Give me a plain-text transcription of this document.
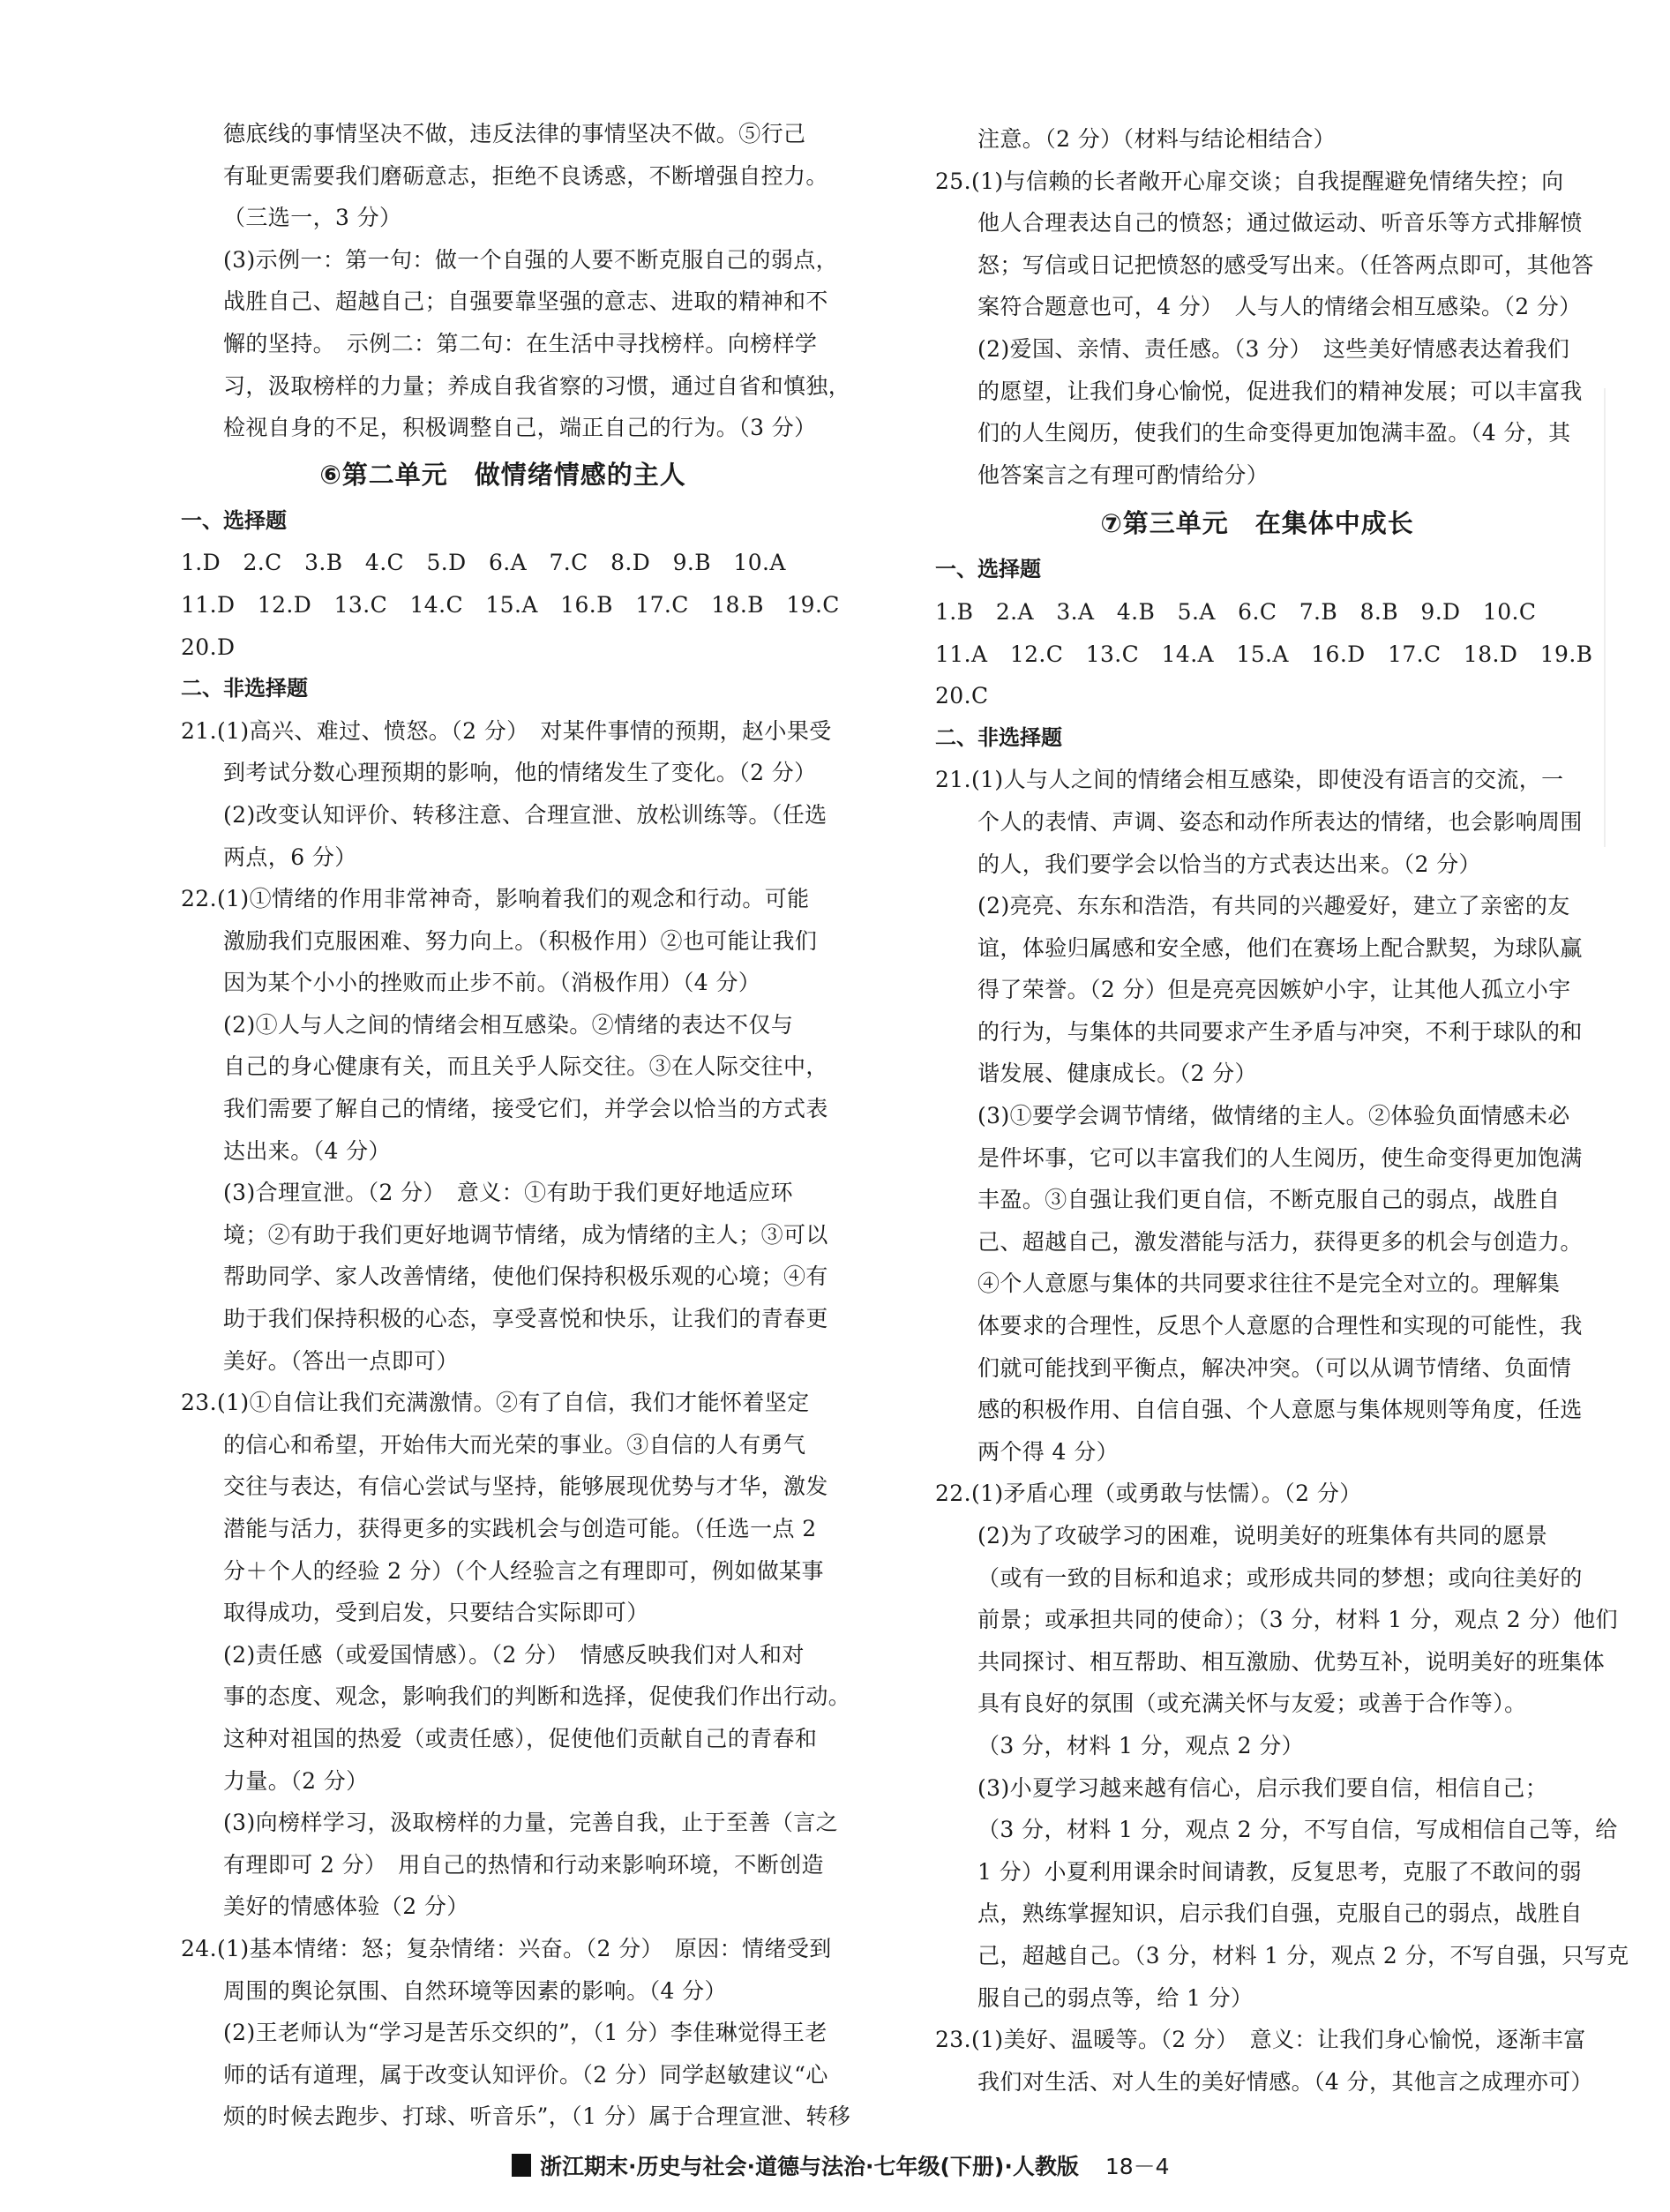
德底线的事情坚决不做，违反法律的事情坚决不做。⑤行己
有耻更需要我们磨砺意志，拒绝不良诱惑，不断增强自控力。
（三选一，3 分）
(3)示例一：第一句：做一个自强的人要不断克服自己的弱点，
战胜自己、超越自己；自强要靠坚强的意志、进取的精神和不
懈的坚持。　示例二：第二句：在生活中寻找榜样。向榜样学
习，汲取榜样的力量；养成自我省察的习惯，通过自省和慎独，
检视自身的不足，积极调整自己，端正自己的行为。（3 分）
⑥第二单元　做情绪情感的主人
一、选择题
1.D　2.C　3.B　4.C　5.D　6.A　7.C　8.D　9.B　10.A
11.D　12.D　13.C　14.C　15.A　16.B　17.C　18.B　19.C
20.D
二、非选择题
21.(1)高兴、难过、愤怒。（2 分）　对某件事情的预期，赵小果受
到考试分数心理预期的影响，他的情绪发生了变化。（2 分）
(2)改变认知评价、转移注意、合理宣泄、放松训练等。（任选
两点，6 分）
22.(1)①情绪的作用非常神奇，影响着我们的观念和行动。可能
激励我们克服困难、努力向上。（积极作用）②也可能让我们
因为某个小小的挫败而止步不前。（消极作用）（4 分）
(2)①人与人之间的情绪会相互感染。②情绪的表达不仅与
自己的身心健康有关，而且关乎人际交往。③在人际交往中，
我们需要了解自己的情绪，接受它们，并学会以恰当的方式表
达出来。（4 分）
(3)合理宣泄。（2 分）　意义：①有助于我们更好地适应环
境；②有助于我们更好地调节情绪，成为情绪的主人；③可以
帮助同学、家人改善情绪，使他们保持积极乐观的心境；④有
助于我们保持积极的心态，享受喜悦和快乐，让我们的青春更
美好。（答出一点即可）
23.(1)①自信让我们充满激情。②有了自信，我们才能怀着坚定
的信心和希望，开始伟大而光荣的事业。③自信的人有勇气
交往与表达，有信心尝试与坚持，能够展现优势与才华，激发
潜能与活力，获得更多的实践机会与创造可能。（任选一点 2
分＋个人的经验 2 分）（个人经验言之有理即可，例如做某事
取得成功，受到启发，只要结合实际即可）
(2)责任感（或爱国情感）。（2 分）　情感反映我们对人和对
事的态度、观念，影响我们的判断和选择，促使我们作出行动。
这种对祖国的热爱（或责任感），促使他们贡献自己的青春和
力量。（2 分）
(3)向榜样学习，汲取榜样的力量，完善自我，止于至善（言之
有理即可 2 分）　用自己的热情和行动来影响环境，不断创造
美好的情感体验（2 分）
24.(1)基本情绪：怒；复杂情绪：兴奋。（2 分）　原因：情绪受到
周围的舆论氛围、自然环境等因素的影响。（4 分）
(2)王老师认为“学习是苦乐交织的”，（1 分）李佳琳觉得王老
师的话有道理，属于改变认知评价。（2 分）同学赵敏建议“心
烦的时候去跑步、打球、听音乐”，（1 分）属于合理宣泄、转移
注意。（2 分）（材料与结论相结合）
25.(1)与信赖的长者敞开心扉交谈；自我提醒避免情绪失控；向
他人合理表达自己的愤怒；通过做运动、听音乐等方式排解愤
怒；写信或日记把愤怒的感受写出来。（任答两点即可，其他答
案符合题意也可，4 分）　人与人的情绪会相互感染。（2 分）
(2)爱国、亲情、责任感。（3 分）　这些美好情感表达着我们
的愿望，让我们身心愉悦，促进我们的精神发展；可以丰富我
们的人生阅历，使我们的生命变得更加饱满丰盈。（4 分，其
他答案言之有理可酌情给分）
⑦第三单元　在集体中成长
一、选择题
1.B　2.A　3.A　4.B　5.A　6.C　7.B　8.B　9.D　10.C
11.A　12.C　13.C　14.A　15.A　16.D　17.C　18.D　19.B
20.C
二、非选择题
21.(1)人与人之间的情绪会相互感染，即使没有语言的交流，一
个人的表情、声调、姿态和动作所表达的情绪，也会影响周围
的人，我们要学会以恰当的方式表达出来。（2 分）
(2)亮亮、东东和浩浩，有共同的兴趣爱好，建立了亲密的友
谊，体验归属感和安全感，他们在赛场上配合默契，为球队赢
得了荣誉。（2 分）但是亮亮因嫉妒小宇，让其他人孤立小宇
的行为，与集体的共同要求产生矛盾与冲突，不利于球队的和
谐发展、健康成长。（2 分）
(3)①要学会调节情绪，做情绪的主人。②体验负面情感未必
是件坏事，它可以丰富我们的人生阅历，使生命变得更加饱满
丰盈。③自强让我们更自信，不断克服自己的弱点，战胜自
己、超越自己，激发潜能与活力，获得更多的机会与创造力。
④个人意愿与集体的共同要求往往不是完全对立的。理解集
体要求的合理性，反思个人意愿的合理性和实现的可能性，我
们就可能找到平衡点，解决冲突。（可以从调节情绪、负面情
感的积极作用、自信自强、个人意愿与集体规则等角度，任选
两个得 4 分）
22.(1)矛盾心理（或勇敢与怯懦）。（2 分）
(2)为了攻破学习的困难，说明美好的班集体有共同的愿景
（或有一致的目标和追求；或形成共同的梦想；或向往美好的
前景；或承担共同的使命）；（3 分，材料 1 分，观点 2 分）他们
共同探讨、相互帮助、相互激励、优势互补，说明美好的班集体
具有良好的氛围（或充满关怀与友爱；或善于合作等）。
（3 分，材料 1 分，观点 2 分）
(3)小夏学习越来越有信心，启示我们要自信，相信自己；
（3 分，材料 1 分，观点 2 分，不写自信，写成相信自己等，给
1 分）小夏利用课余时间请教，反复思考，克服了不敢问的弱
点，熟练掌握知识，启示我们自强，克服自己的弱点，战胜自
己，超越自己。（3 分，材料 1 分，观点 2 分，不写自强，只写克
服自己的弱点等，给 1 分）
23.(1)美好、温暖等。（2 分）　意义：让我们身心愉悦，逐渐丰富
我们对生活、对人生的美好情感。（4 分，其他言之成理亦可）
浙江期末·历史与社会·道德与法治·七年级(下册)·人教版 18－4
